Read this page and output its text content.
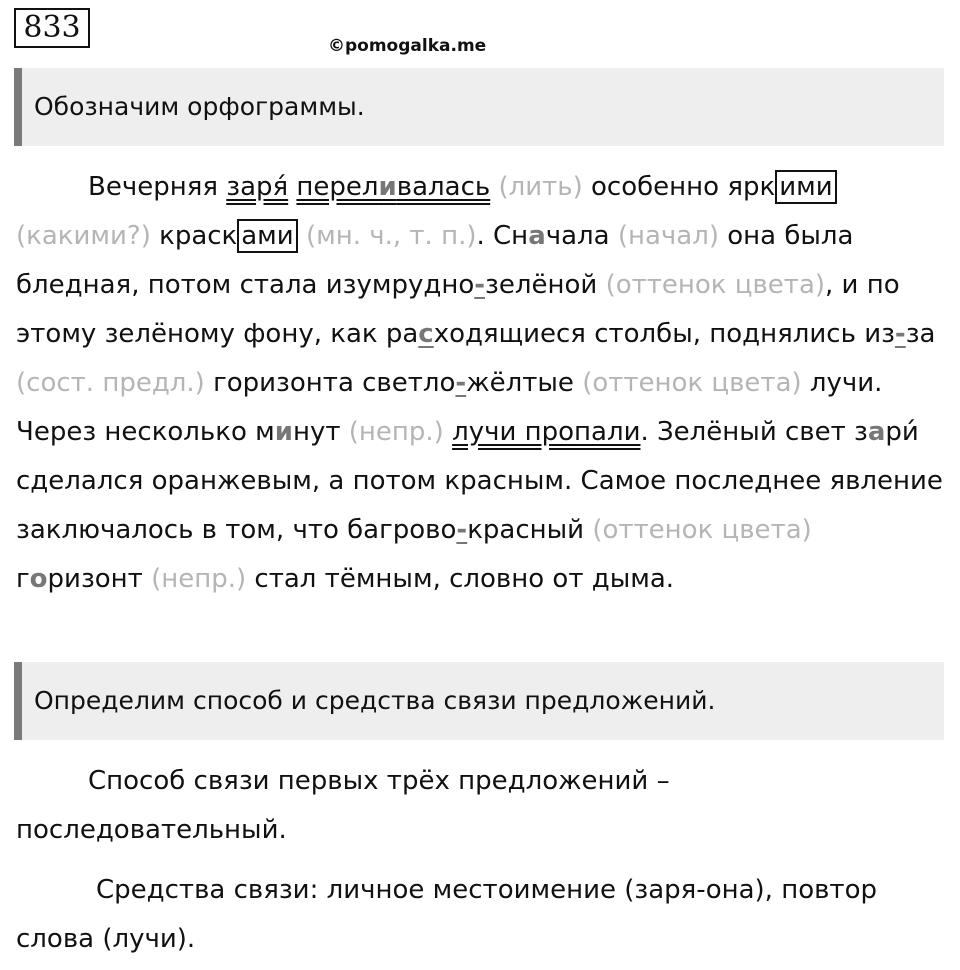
833
©pomogalka.me
Обозначим орфограммы.
Вечерняя заря́ переливалась (лить) особенно ярк ими (какими?) краск ами (мн. ч., т. п.). Сначала (начал) она была бледная, потом стала изумрудно-зелёной (оттенок цвета), и по этому зелёному фону, как расходящиеся столбы, поднялись из-за (сост. предл.) горизонта светло-жёлтые (оттенок цвета) лучи. Через несколько минут (непр.) лучи пропали. Зелёный свет зари́ сделался оранжевым, а потом красным. Самое последнее явление заключалось в том, что багрово-красный (оттенок цвета) горизонт (непр.) стал тёмным, словно от дыма.
Определим способ и средства связи предложений.
Способ связи первых трёх предложений – последовательный.
Средства связи: личное местоимение (заря-она), повтор слова (лучи).
